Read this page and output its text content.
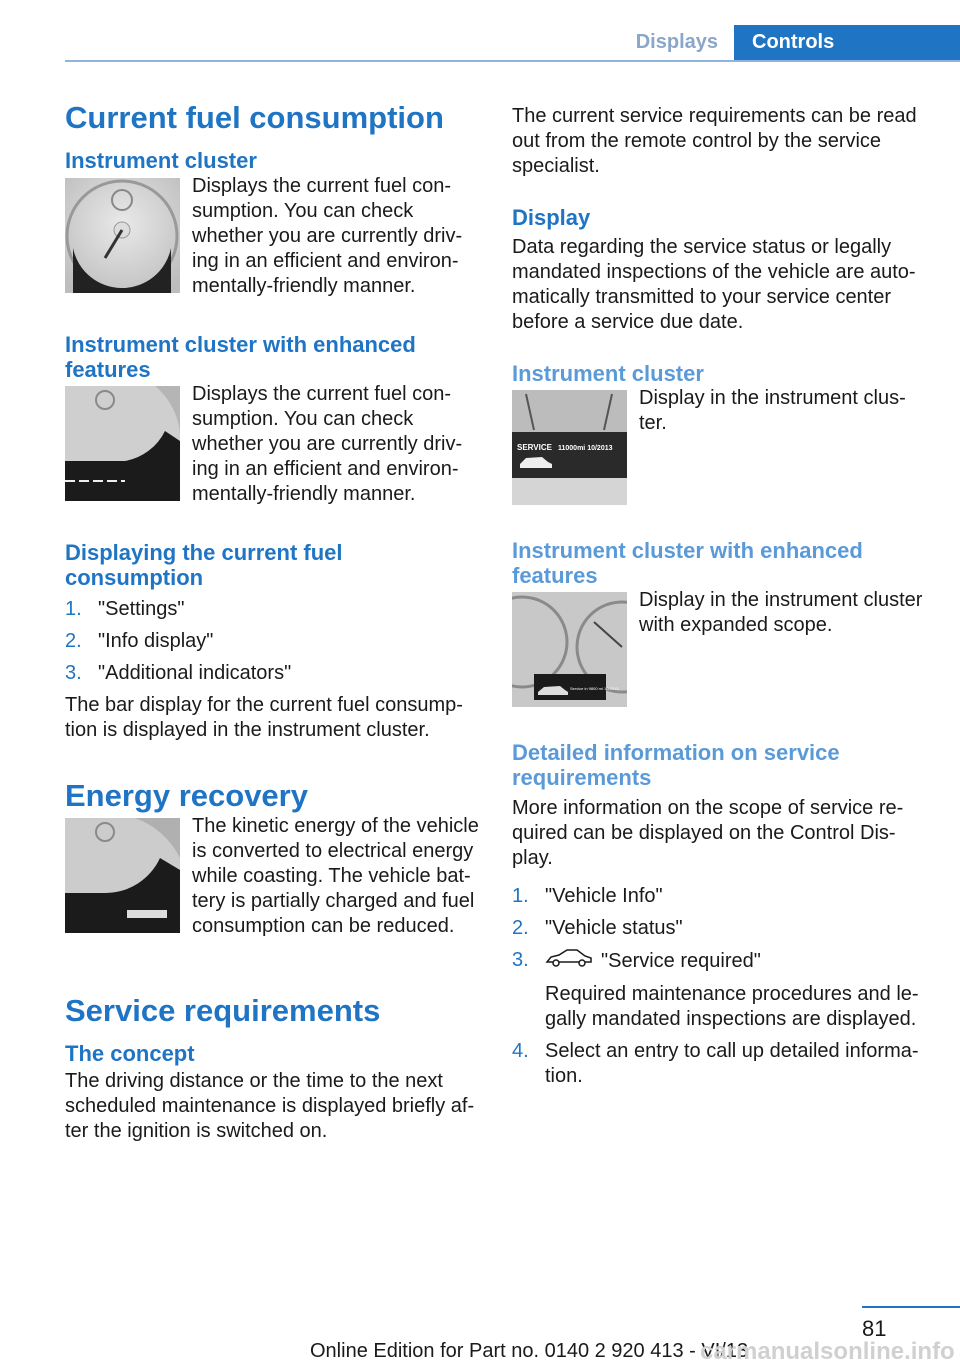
Displays	Controls
Current fuel consumption
Instrument cluster

Displays the current fuel con-sumption. You can check whether you are currently driv-ing in an efficient and environ-mentally-friendly manner.

Instrument cluster with enhanced features

Displays the current fuel con-sumption. You can check whether you are currently driv-ing in an efficient and environ-mentally-friendly manner.

Displaying the current fuel consumption
1. "Settings"
2. "Info display"
3. "Additional indicators"

The bar display for the current fuel consump-tion is displayed in the instrument cluster.

Energy recovery

The kinetic energy of the vehicle is converted to electrical energy while coasting. The vehicle bat-tery is partially charged and fuel consumption can be reduced.

Service requirements
The concept

The driving distance or the time to the next scheduled maintenance is displayed briefly af-ter the ignition is switched on.

The current service requirements can be read out from the remote control by the service specialist.

Display

Data regarding the service status or legally mandated inspections of the vehicle are auto-matically transmitted to your service center before a service due date.

Instrument cluster
SERVICE 11000mi 10/2013

Display in the instrument clus-ter.

Instrument cluster with enhanced features
Service in 9800 mi 10/2013

Display in the instrument cluster with expanded scope.

Detailed information on service requirements

More information on the scope of service re-quired can be displayed on the Control Dis-play.

1. "Vehicle Info"
2. "Vehicle status"
3.	"Service required"
Required maintenance procedures and le-gally mandated inspections are displayed.
4. Select an entry to call up detailed informa-tion.
81
Online Edition for Part no. 0140 2 920 413 - VI/13
carmanualsonline.info
